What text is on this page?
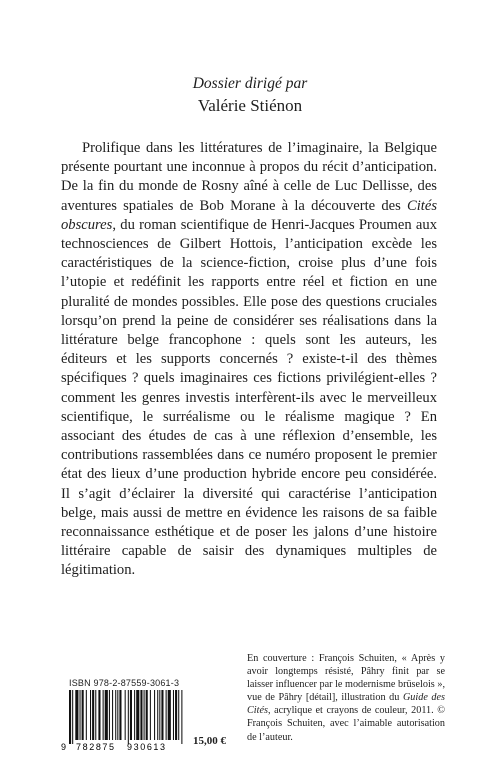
Dossier dirigé par
Valérie Stiénon

Prolifique dans les littératures de l’imaginaire, la Belgique présente pourtant une inconnue à propos du récit d’anticipation. De la fin du monde de Rosny aîné à celle de Luc Dellisse, des aventures spatiales de Bob Morane à la découverte des Cités obscures, du roman scientifique de Henri-Jacques Proumen aux technosciences de Gilbert Hottois, l’anticipation excède les caractéristiques de la science-fiction, croise plus d’une fois l’utopie et redéfinit les rapports entre réel et fiction en une pluralité de mondes possibles. Elle pose des questions cruciales lorsqu’on prend la peine de considérer ses réalisations dans la littérature belge francophone : quels sont les auteurs, les éditeurs et les supports concernés ? existe-t-il des thèmes spécifiques ? quels imaginaires ces fictions privilégient-elles ? comment les genres investis interfèrent-ils avec le merveilleux scientifique, le surréalisme ou le réalisme magique ? En associant des études de cas à une réflexion d’ensemble, les contributions rassemblées dans ce numéro proposent le premier état des lieux d’une production hybride encore peu considérée. Il s’agit d’éclairer la diversité qui caractérise l’anticipation belge, mais aussi de mettre en évidence les raisons de sa faible reconnaissance esthétique et de poser les jalons d’une histoire littéraire capable de saisir des dynamiques multiples de légitimation.

En couverture : François Schuiten, « Après y avoir longtemps résisté, Pâhry finit par se laisser influencer par le modernisme brüselois », vue de Pâhry [détail], illustration du Guide des Cités, acrylique et crayons de couleur, 2011. © François Schuiten, avec l’aimable autorisation de l’auteur.
ISBN 978-2-87559-3061-3
9 782875 930613 15,00 €
